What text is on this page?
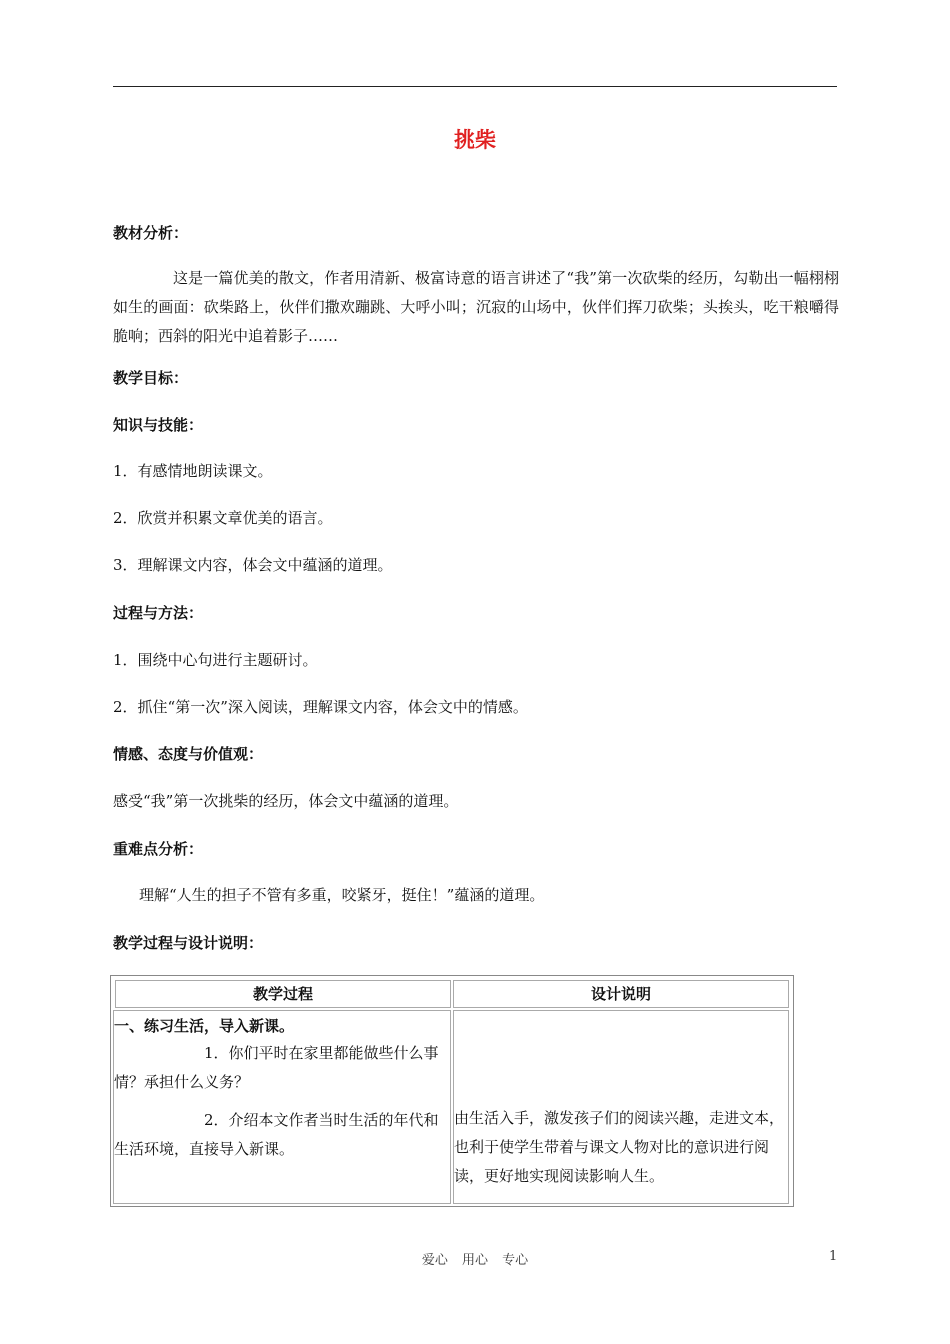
挑柴
教材分析：
这是一篇优美的散文，作者用清新、极富诗意的语言讲述了“我”第一次砍柴的经历，勾勒出一幅栩栩如生的画面：砍柴路上，伙伴们撒欢蹦跳、大呼小叫；沉寂的山场中，伙伴们挥刀砍柴；头挨头，吃干粮嚼得脆响；西斜的阳光中追着影子……
教学目标：
知识与技能：
1．有感情地朗读课文。
2．欣赏并积累文章优美的语言。
3．理解课文内容，体会文中蕴涵的道理。
过程与方法：
1．围绕中心句进行主题研讨。
2．抓住“第一次”深入阅读，理解课文内容，体会文中的情感。
情感、态度与价值观：
感受“我”第一次挑柴的经历，体会文中蕴涵的道理。
重难点分析：
理解“人生的担子不管有多重，咬紧牙，挺住！”蕴涵的道理。
教学过程与设计说明：
教学过程	设计说明
一、练习生活，导入新课。
1．你们平时在家里都能做些什么事情？承担什么义务？
2．介绍本文作者当时生活的年代和生活环境，直接导入新课。
由生活入手，激发孩子们的阅读兴趣，走进文本，也利于使学生带着与课文人物对比的意识进行阅读，更好地实现阅读影响人生。
爱心 用心 专心	1
